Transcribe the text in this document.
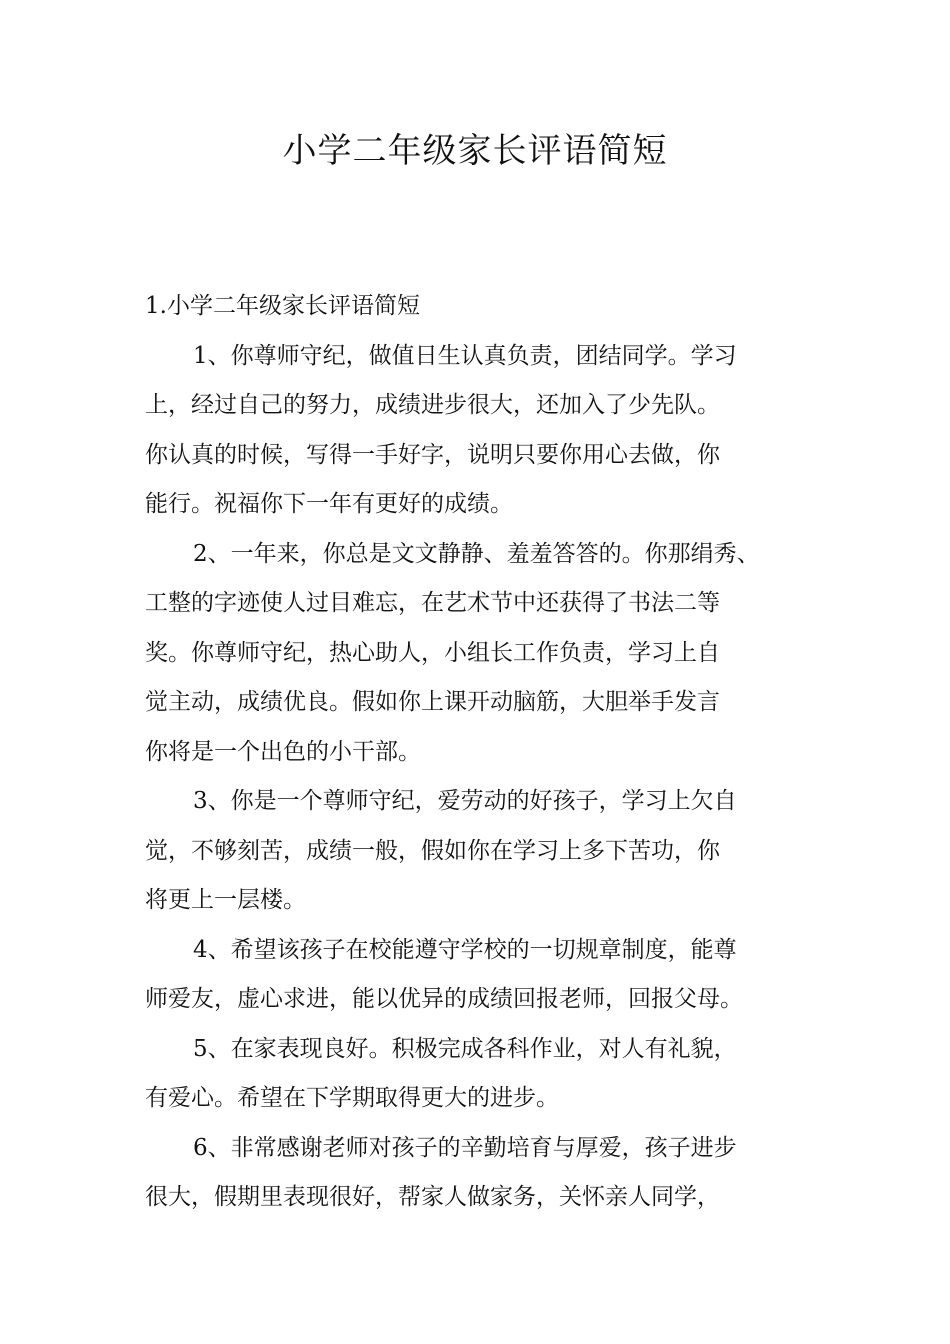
小学二年级家长评语简短

1.小学二年级家长评语简短

1、你尊师守纪，做值日生认真负责，团结同学。学习
上，经过自己的努力，成绩进步很大，还加入了少先队。
你认真的时候，写得一手好字，说明只要你用心去做，你
能行。祝福你下一年有更好的成绩。

2、一年来，你总是文文静静、羞羞答答的。你那绢秀、
工整的字迹使人过目难忘，在艺术节中还获得了书法二等
奖。你尊师守纪，热心助人，小组长工作负责，学习上自
觉主动，成绩优良。假如你上课开动脑筋，大胆举手发言
你将是一个出色的小干部。

3、你是一个尊师守纪，爱劳动的好孩子，学习上欠自
觉，不够刻苦，成绩一般，假如你在学习上多下苦功，你
将更上一层楼。

4、希望该孩子在校能遵守学校的一切规章制度，能尊
师爱友，虚心求进，能以优异的成绩回报老师，回报父母。

5、在家表现良好。积极完成各科作业，对人有礼貌，
有爱心。希望在下学期取得更大的进步。

6、非常感谢老师对孩子的辛勤培育与厚爱，孩子进步
很大，假期里表现很好，帮家人做家务，关怀亲人同学，
